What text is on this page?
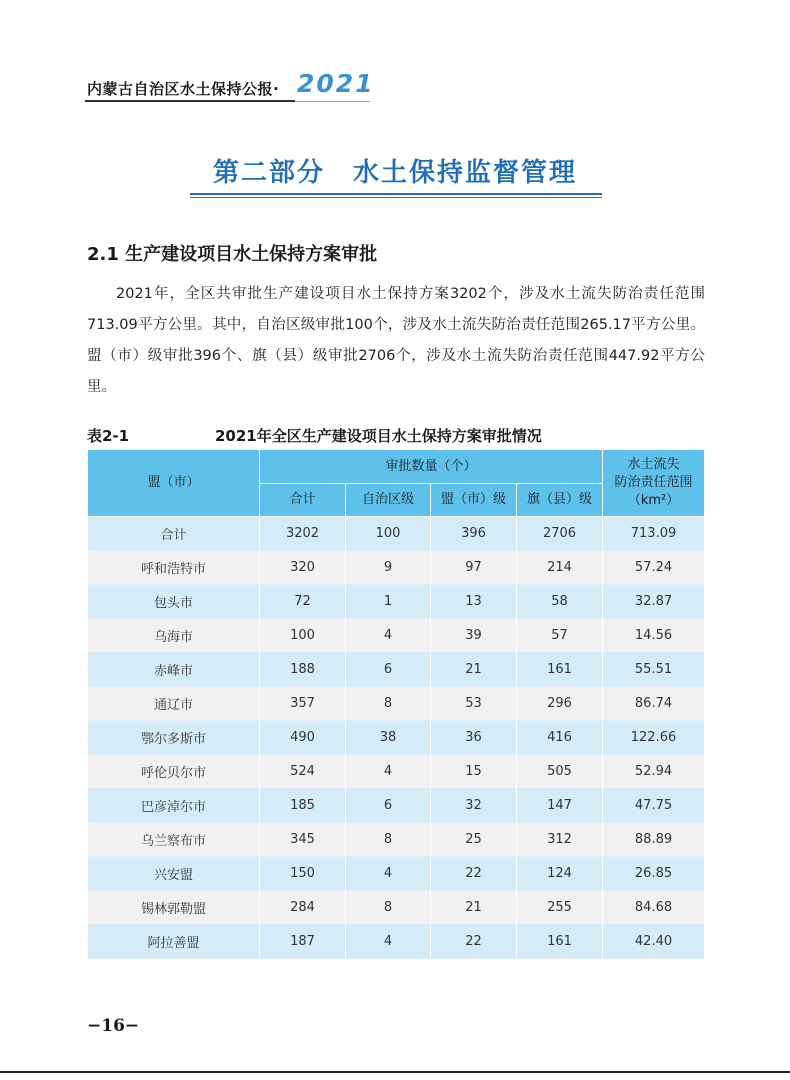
内蒙古自治区水土保持公报· 2021
第二部分　水土保持监督管理
2.1 生产建设项目水土保持方案审批
2021年，全区共审批生产建设项目水土保持方案3202个，涉及水土流失防治责任范围713.09平方公里。其中，自治区级审批100个，涉及水土流失防治责任范围265.17平方公里。盟（市）级审批396个、旗（县）级审批2706个，涉及水土流失防治责任范围447.92平方公里。
表2-1	2021年全区生产建设项目水土保持方案审批情况
盟（市）	审批数量（个）				水土流失
防治责任范围
（km²）

	合计	自治区级	盟（市）级	旗（县）级	
合计	3202	100	396	2706	713.09
呼和浩特市	320	9	97	214	57.24
包头市	72	1	13	58	32.87
乌海市	100	4	39	57	14.56
赤峰市	188	6	21	161	55.51
通辽市	357	8	53	296	86.74
鄂尔多斯市	490	38	36	416	122.66
呼伦贝尔市	524	4	15	505	52.94
巴彦淖尔市	185	6	32	147	47.75
乌兰察布市	345	8	25	312	88.89
兴安盟	150	4	22	124	26.85
锡林郭勒盟	284	8	21	255	84.68
阿拉善盟	187	4	22	161	42.40
−16−
